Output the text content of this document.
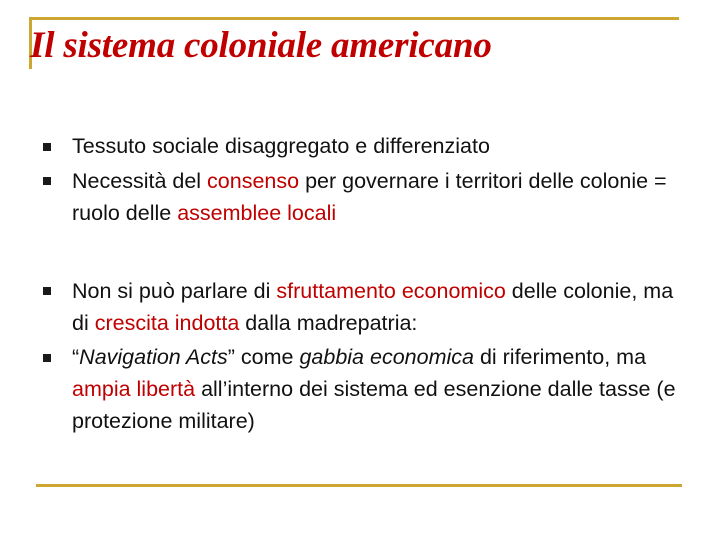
Il sistema coloniale americano
Tessuto sociale disaggregato e differenziato
Necessità del consenso per governare i territori delle colonie = ruolo delle assemblee locali
Non si può parlare di sfruttamento economico delle colonie, ma di crescita indotta dalla madrepatria:
“Navigation Acts” come gabbia economica di riferimento, ma ampia libertà all’interno dei sistema ed esenzione dalle tasse (e protezione militare)
